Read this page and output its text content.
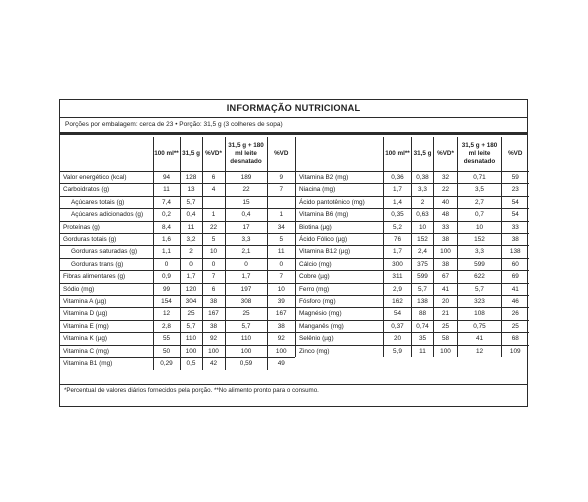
INFORMAÇÃO NUTRICIONAL
Porções por embalagem: cerca de 23 • Porção: 31,5 g (3 colheres de sopa)
	100 ml**	31,5 g	%VD*	31,5 g + 180 ml leite desnatado	%VD
Valor energético (kcal)	94	128	6	189	9
Carboidratos (g)	11	13	4	22	7
Açúcares totais (g)	7,4	5,7		15	
Açúcares adicionados (g)	0,2	0,4	1	0,4	1
Proteínas (g)	8,4	11	22	17	34
Gorduras totais (g)	1,6	3,2	5	3,3	5
Gorduras saturadas (g)	1,1	2	10	2,1	11
Gorduras trans (g)	0	0	0	0	0
Fibras alimentares (g)	0,9	1,7	7	1,7	7
Sódio (mg)	99	120	6	197	10
Vitamina A (µg)	154	304	38	308	39
Vitamina D (µg)	12	25	167	25	167
Vitamina E (mg)	2,8	5,7	38	5,7	38
Vitamina K (µg)	55	110	92	110	92
Vitamina C (mg)	50	100	100	100	100
Vitamina B1 (mg)	0,29	0,5	42	0,59	49
	100 ml**	31,5 g	%VD*	31,5 g + 180 ml leite desnatado	%VD
Vitamina B2 (mg)	0,36	0,38	32	0,71	59
Niacina (mg)	1,7	3,3	22	3,5	23
Ácido pantotênico (mg)	1,4	2	40	2,7	54
Vitamina B6 (mg)	0,35	0,63	48	0,7	54
Biotina (µg)	5,2	10	33	10	33
Ácido Fólico (µg)	76	152	38	152	38
Vitamina B12 (µg)	1,7	2,4	100	3,3	138
Cálcio (mg)	300	375	38	599	60
Cobre (µg)	311	599	67	622	69
Ferro (mg)	2,9	5,7	41	5,7	41
Fósforo (mg)	162	138	20	323	46
Magnésio (mg)	54	88	21	108	26
Manganês (mg)	0,37	0,74	25	0,75	25
Selênio (µg)	20	35	58	41	68
Zinco (mg)	5,9	11	100	12	109
*Percentual de valores diários fornecidos pela porção. **No alimento pronto para o consumo.
